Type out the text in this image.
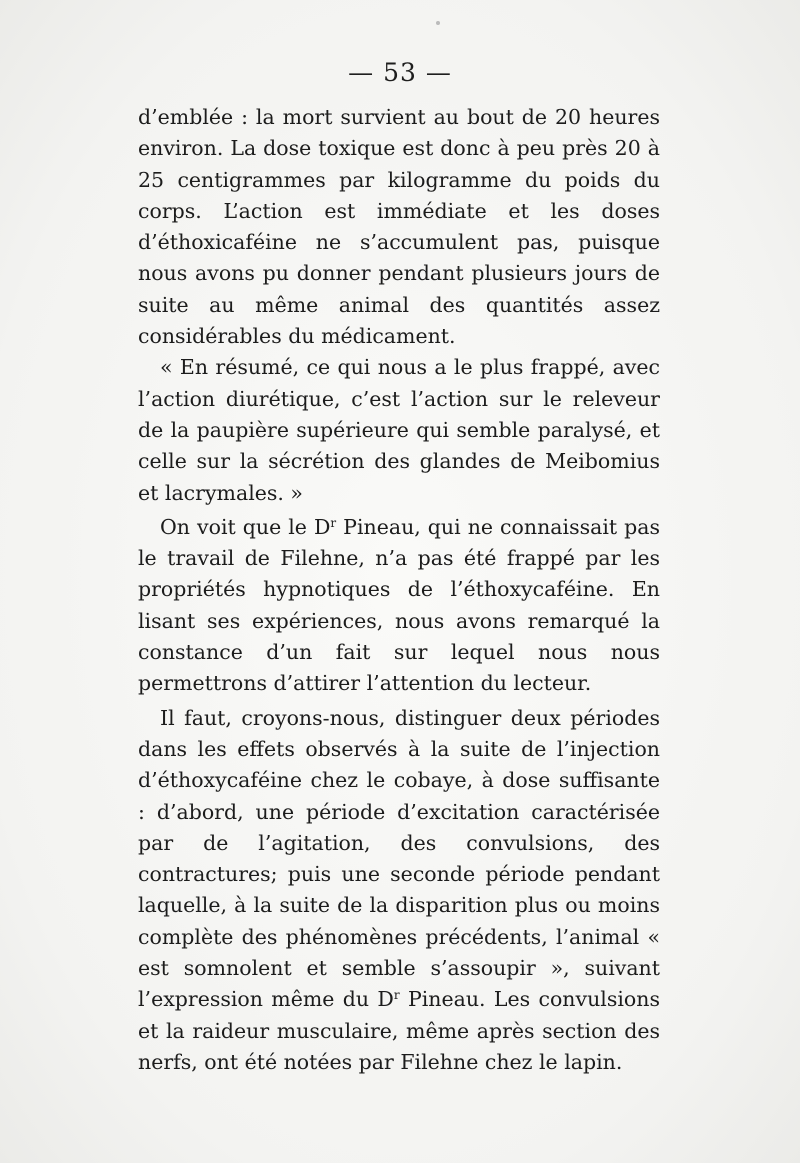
— 53 —

d’emblée : la mort survient au bout de 20 heures environ. La dose toxique est donc à peu près 20 à 25 centigrammes par kilogramme du poids du corps. L’action est immédiate et les doses d’éthoxicaféine ne s’accumulent pas, puisque nous avons pu donner pendant plusieurs jours de suite au même animal des quantités assez considérables du médicament.

« En résumé, ce qui nous a le plus frappé, avec l’action diurétique, c’est l’action sur le releveur de la paupière supérieure qui semble paralysé, et celle sur la sécrétion des glandes de Meibomius et lacrymales. »

On voit que le $D^r$ Pineau, qui ne connaissait pas le travail de Filehne, n’a pas été frappé par les propriétés hypnotiques de l’éthoxycaféine. En lisant ses expériences, nous avons remarqué la constance d’un fait sur lequel nous nous permettrons d’attirer l’attention du lecteur.

Il faut, croyons-nous, distinguer deux périodes dans les effets observés à la suite de l’injection d’éthoxycaféine chez le cobaye, à dose suffisante : d’abord, une période d’excitation caractérisée par de l’agitation, des convulsions, des contractures; puis une seconde période pendant laquelle, à la suite de la disparition plus ou moins complète des phénomènes précédents, l’animal « est somnolent et semble s’assoupir », suivant l’expression même du $D^r$ Pineau. Les convulsions et la raideur musculaire, même après section des nerfs, ont été notées par Filehne chez le lapin.
